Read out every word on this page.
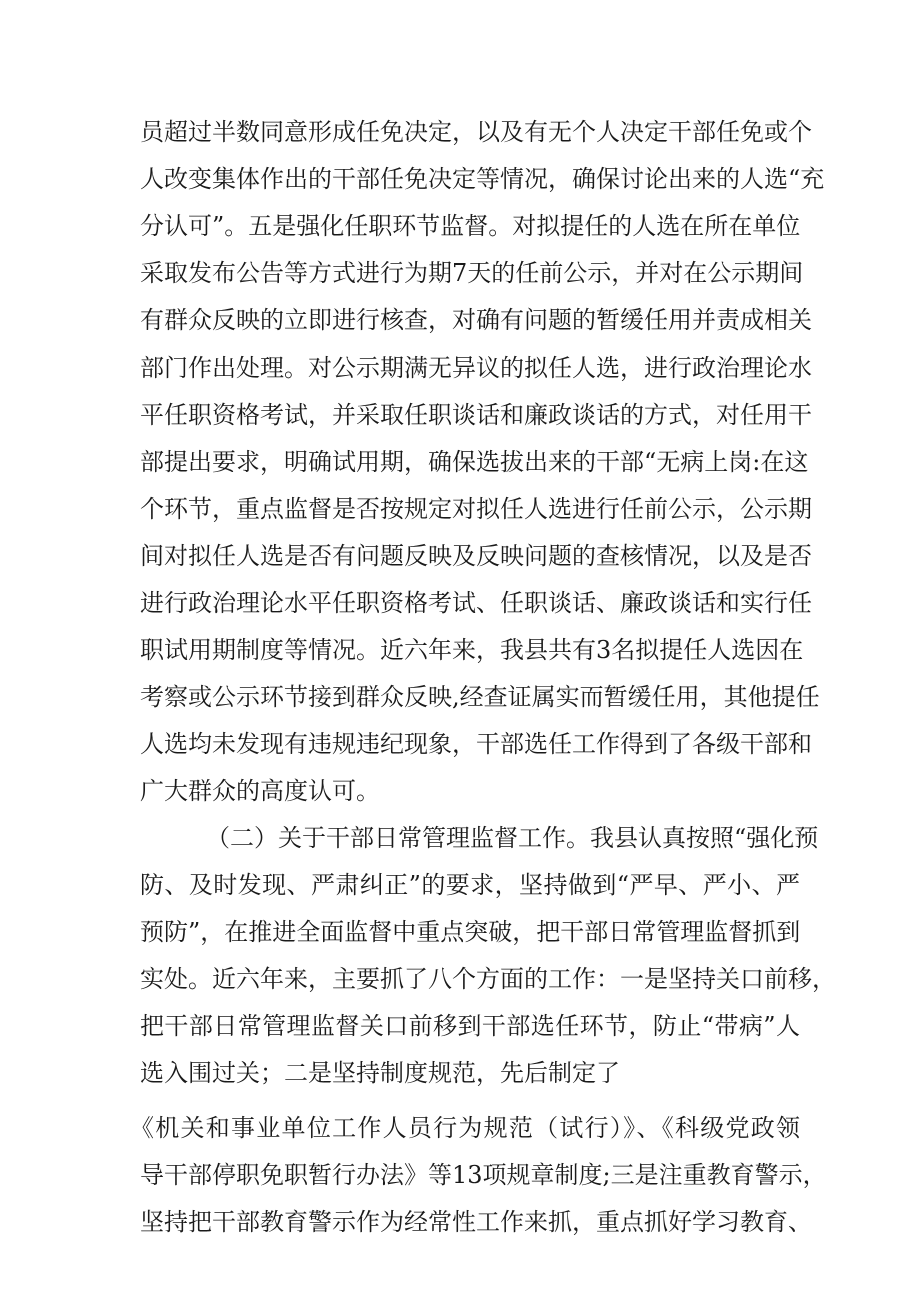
员超过半数同意形成任免决定，以及有无个人决定干部任免或个
人改变集体作出的干部任免决定等情况，确保讨论出来的人选“充
分认可”。五是强化任职环节监督。对拟提任的人选在所在单位
采取发布公告等方式进行为期7天的任前公示，并对在公示期间
有群众反映的立即进行核查，对确有问题的暂缓任用并责成相关
部门作出处理。对公示期满无异议的拟任人选，进行政治理论水
平任职资格考试，并采取任职谈话和廉政谈话的方式，对任用干
部提出要求，明确试用期，确保选拔出来的干部“无病上岗:在这
个环节，重点监督是否按规定对拟任人选进行任前公示，公示期
间对拟任人选是否有问题反映及反映问题的查核情况，以及是否
进行政治理论水平任职资格考试、任职谈话、廉政谈话和实行任
职试用期制度等情况。近六年来，我县共有3名拟提任人选因在
考察或公示环节接到群众反映,经查证属实而暂缓任用，其他提任
人选均未发现有违规违纪现象，干部选任工作得到了各级干部和
广大群众的高度认可。
（二）关于干部日常管理监督工作。我县认真按照“强化预
防、及时发现、严肃纠正”的要求，坚持做到“严早、严小、严
预防”，在推进全面监督中重点突破，把干部日常管理监督抓到
实处。近六年来，主要抓了八个方面的工作：一是坚持关口前移，
把干部日常管理监督关口前移到干部选任环节，防止“带病”人
选入围过关；二是坚持制度规范，先后制定了
《机关和事业单位工作人员行为规范（试行）》、《科级党政领
导干部停职免职暂行办法》等13项规章制度;三是注重教育警示，
坚持把干部教育警示作为经常性工作来抓，重点抓好学习教育、
